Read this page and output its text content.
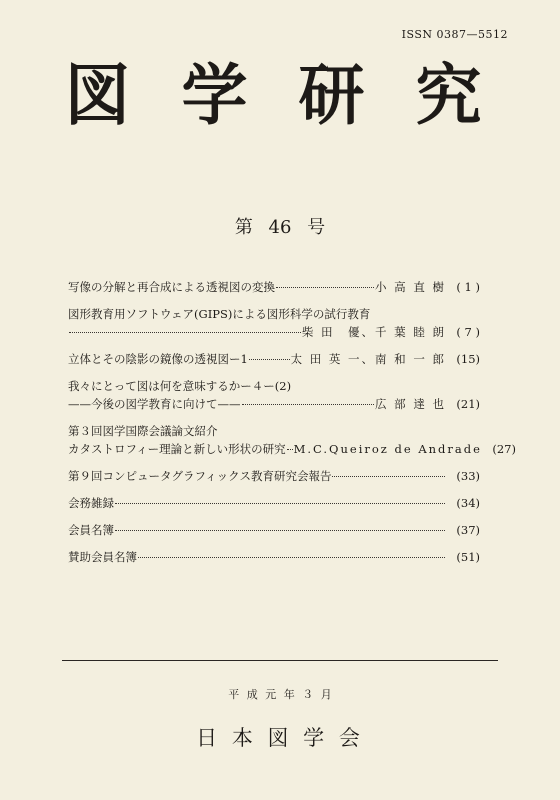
ISSN 0387—5512
図 学 研 究
第 46 号
写像の分解と再合成による透視図の変換	小 高 直 樹 ( 1 )
図形教育用ソフトウェア(GIPS)による図形科学の試行教育
柴 田　優、千 葉 睦 朗 ( 7 )
立体とその陰影の鏡像の透視図ー1	太 田 英 一、南 和 一 郎 (15)
我々にとって図は何を意味するかー４ー(2)
——今後の図学教育に向けて——	広 部 達 也 (21)
第３回図学国際会議論文紹介
カタストロフィー理論と新しい形状の研究 M.C.Queiroz de Andrade (27)
第９回コンピュータグラフィックス教育研究会報告	(33)
会務雑録	(34)
会員名簿	(37)
賛助会員名簿	(51)
平 成 元 年 ３ 月
日 本 図 学 会
